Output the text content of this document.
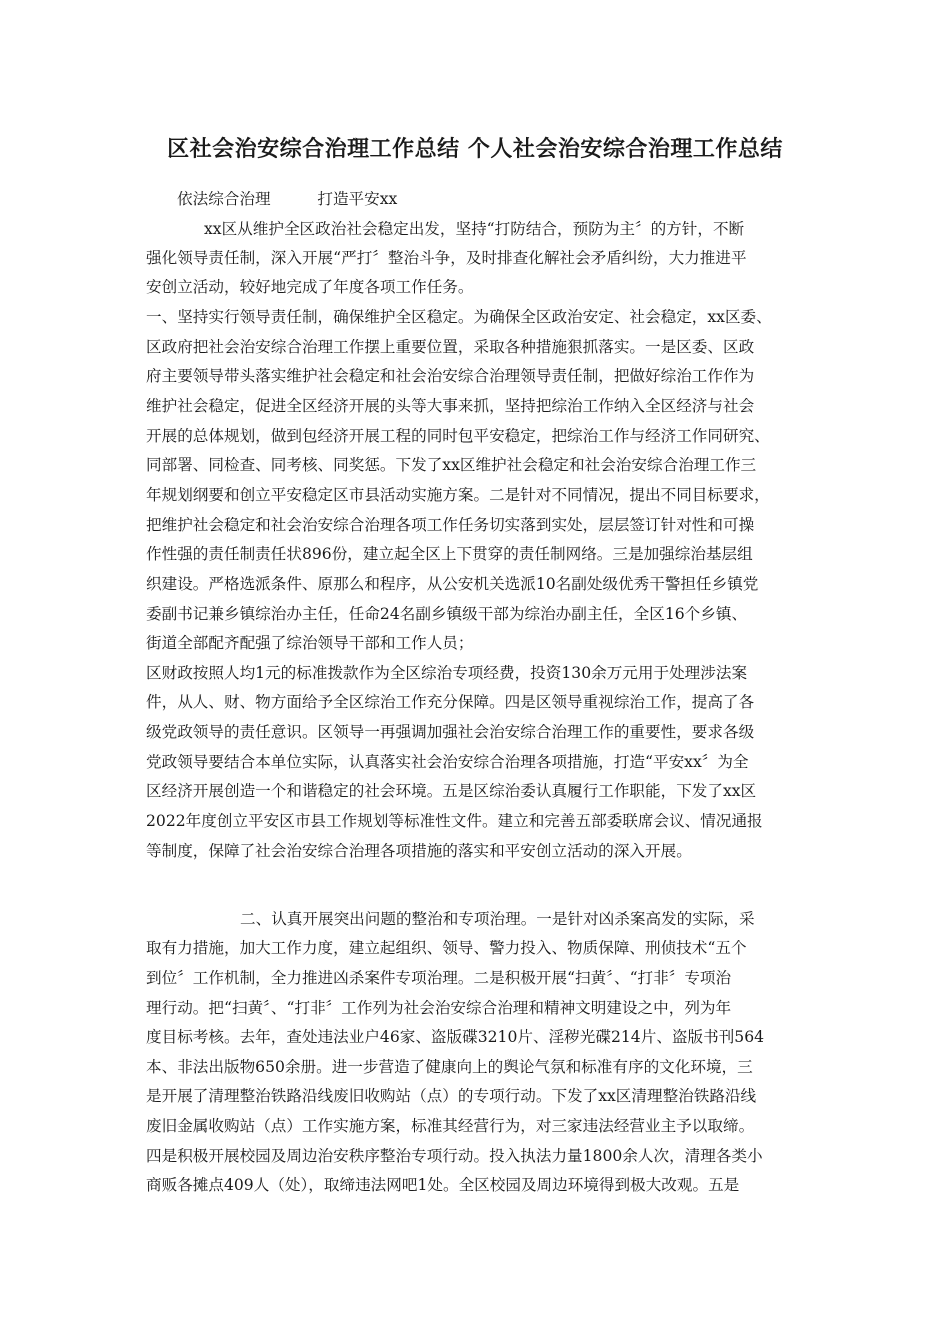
区社会治安综合治理工作总结 个人社会治安综合治理工作总结

依法综合治理　　　打造平安xx

xx区从维护全区政治社会稳定出发，坚持“打防结合，预防为主〞的方针，不断

强化领导责任制，深入开展“严打〞整治斗争，及时排查化解社会矛盾纠纷，大力推进平

安创立活动，较好地完成了年度各项工作任务。

一、坚持实行领导责任制，确保维护全区稳定。为确保全区政治安定、社会稳定，xx区委、

区政府把社会治安综合治理工作摆上重要位置，采取各种措施狠抓落实。一是区委、区政

府主要领导带头落实维护社会稳定和社会治安综合治理领导责任制，把做好综治工作作为

维护社会稳定，促进全区经济开展的头等大事来抓，坚持把综治工作纳入全区经济与社会

开展的总体规划，做到包经济开展工程的同时包平安稳定，把综治工作与经济工作同研究、

同部署、同检查、同考核、同奖惩。下发了xx区维护社会稳定和社会治安综合治理工作三

年规划纲要和创立平安稳定区市县活动实施方案。二是针对不同情况，提出不同目标要求，

把维护社会稳定和社会治安综合治理各项工作任务切实落到实处，层层签订针对性和可操

作性强的责任制责任状896份，建立起全区上下贯穿的责任制网络。三是加强综治基层组

织建设。严格选派条件、原那么和程序，从公安机关选派10名副处级优秀干警担任乡镇党

委副书记兼乡镇综治办主任，任命24名副乡镇级干部为综治办副主任，全区16个乡镇、

街道全部配齐配强了综治领导干部和工作人员；

区财政按照人均1元的标准拨款作为全区综治专项经费，投资130余万元用于处理涉法案

件，从人、财、物方面给予全区综治工作充分保障。四是区领导重视综治工作，提高了各

级党政领导的责任意识。区领导一再强调加强社会治安综合治理工作的重要性，要求各级

党政领导要结合本单位实际，认真落实社会治安综合治理各项措施，打造“平安xx〞为全

区经济开展创造一个和谐稳定的社会环境。五是区综治委认真履行工作职能，下发了xx区

2022年度创立平安区市县工作规划等标准性文件。建立和完善五部委联席会议、情况通报

等制度，保障了社会治安综合治理各项措施的落实和平安创立活动的深入开展。

二、认真开展突出问题的整治和专项治理。一是针对凶杀案高发的实际，采

取有力措施，加大工作力度，建立起组织、领导、警力投入、物质保障、刑侦技术“五个

到位〞工作机制，全力推进凶杀案件专项治理。二是积极开展“扫黄〞、“打非〞专项治

理行动。把“扫黄〞、“打非〞工作列为社会治安综合治理和精神文明建设之中，列为年

度目标考核。去年，查处违法业户46家、盗版碟3210片、淫秽光碟214片、盗版书刊564

本、非法出版物650余册。进一步营造了健康向上的舆论气氛和标准有序的文化环境，三

是开展了清理整治铁路沿线废旧收购站（点）的专项行动。下发了xx区清理整治铁路沿线

废旧金属收购站（点）工作实施方案，标准其经营行为，对三家违法经营业主予以取缔。

四是积极开展校园及周边治安秩序整治专项行动。投入执法力量1800余人次，清理各类小

商贩各摊点409人（处），取缔违法网吧1处。全区校园及周边环境得到极大改观。五是
